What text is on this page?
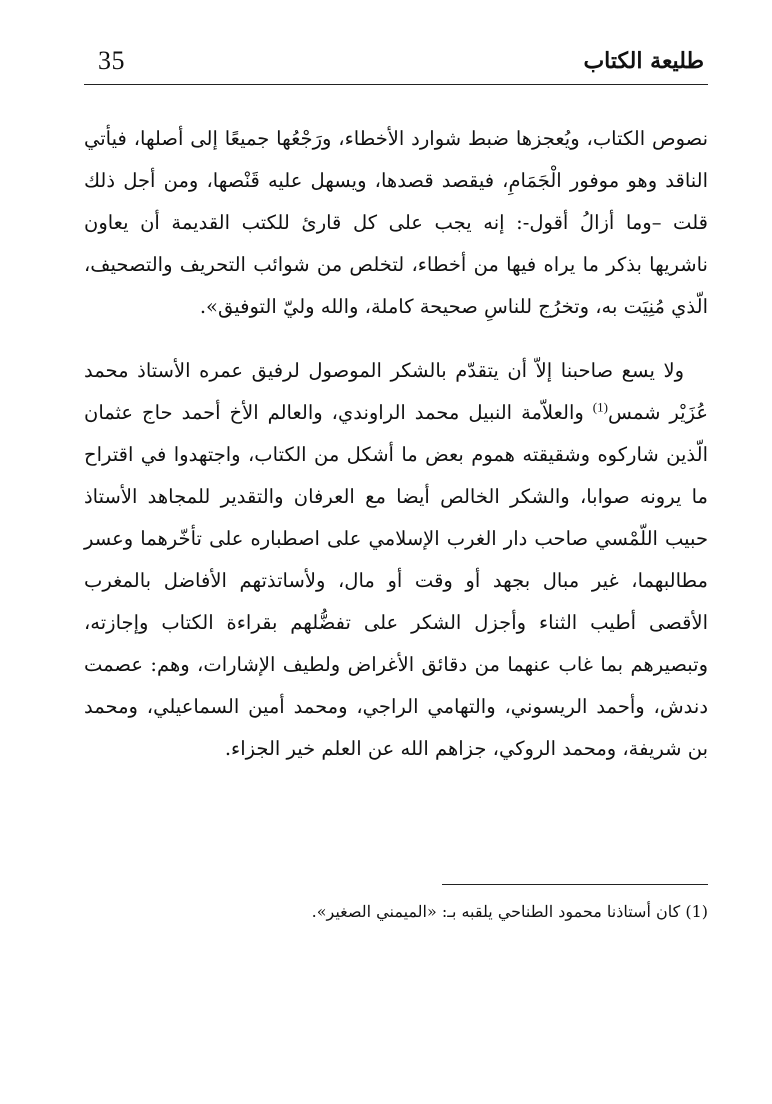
35	طليعة الكتاب

نصوص الكتاب، ويُعجزها ضبط شوارد الأخطاء، ورَجْعُها جميعًا إلى أصلها، فيأتي الناقد وهو موفور الْجَمَامِ، فيقصد قصدها، ويسهل عليه قَنْصها، ومن أجل ذلك قلت –وما أزالُ أقول-: إنه يجب على كل قارئ للكتب القديمة أن يعاون ناشريها بذكر ما يراه فيها من أخطاء، لتخلص من شوائب التحريف والتصحيف، الّذي مُنِيَت به، وتخرُج للناسِ صحيحة كاملة، والله وليّ التوفيق».

ولا يسع صاحبنا إلاّ أن يتقدّم بالشكر الموصول لرفيق عمره الأستاذ محمد عُزَيْر شمس$^{(1)}$ والعلاّمة النبيل محمد الراوندي، والعالم الأخ أحمد حاج عثمان الّذين شاركوه وشقيقته هموم بعض ما أشكل من الكتاب، واجتهدوا في اقتراح ما يرونه صوابا، والشكر الخالص أيضا مع العرفان والتقدير للمجاهد الأستاذ حبيب اللّمْسي صاحب دار الغرب الإسلامي على اصطباره على تأخّرهما وعسر مطالبهما، غير مبال بجهد أو وقت أو مال، ولأساتذتهم الأفاضل بالمغرب الأقصى أطيب الثناء وأجزل الشكر على تفضُّلهم بقراءة الكتاب وإجازته، وتبصيرهم بما غاب عنهما من دقائق الأغراض ولطيف الإشارات، وهم: عصمت دندش، وأحمد الريسوني، والتهامي الراجي، ومحمد أمين السماعيلي، ومحمد بن شريفة، ومحمد الروكي، جزاهم الله عن العلم خير الجزاء.

(1) كان أستاذنا محمود الطناحي يلقبه بـ: «الميمني الصغير».
